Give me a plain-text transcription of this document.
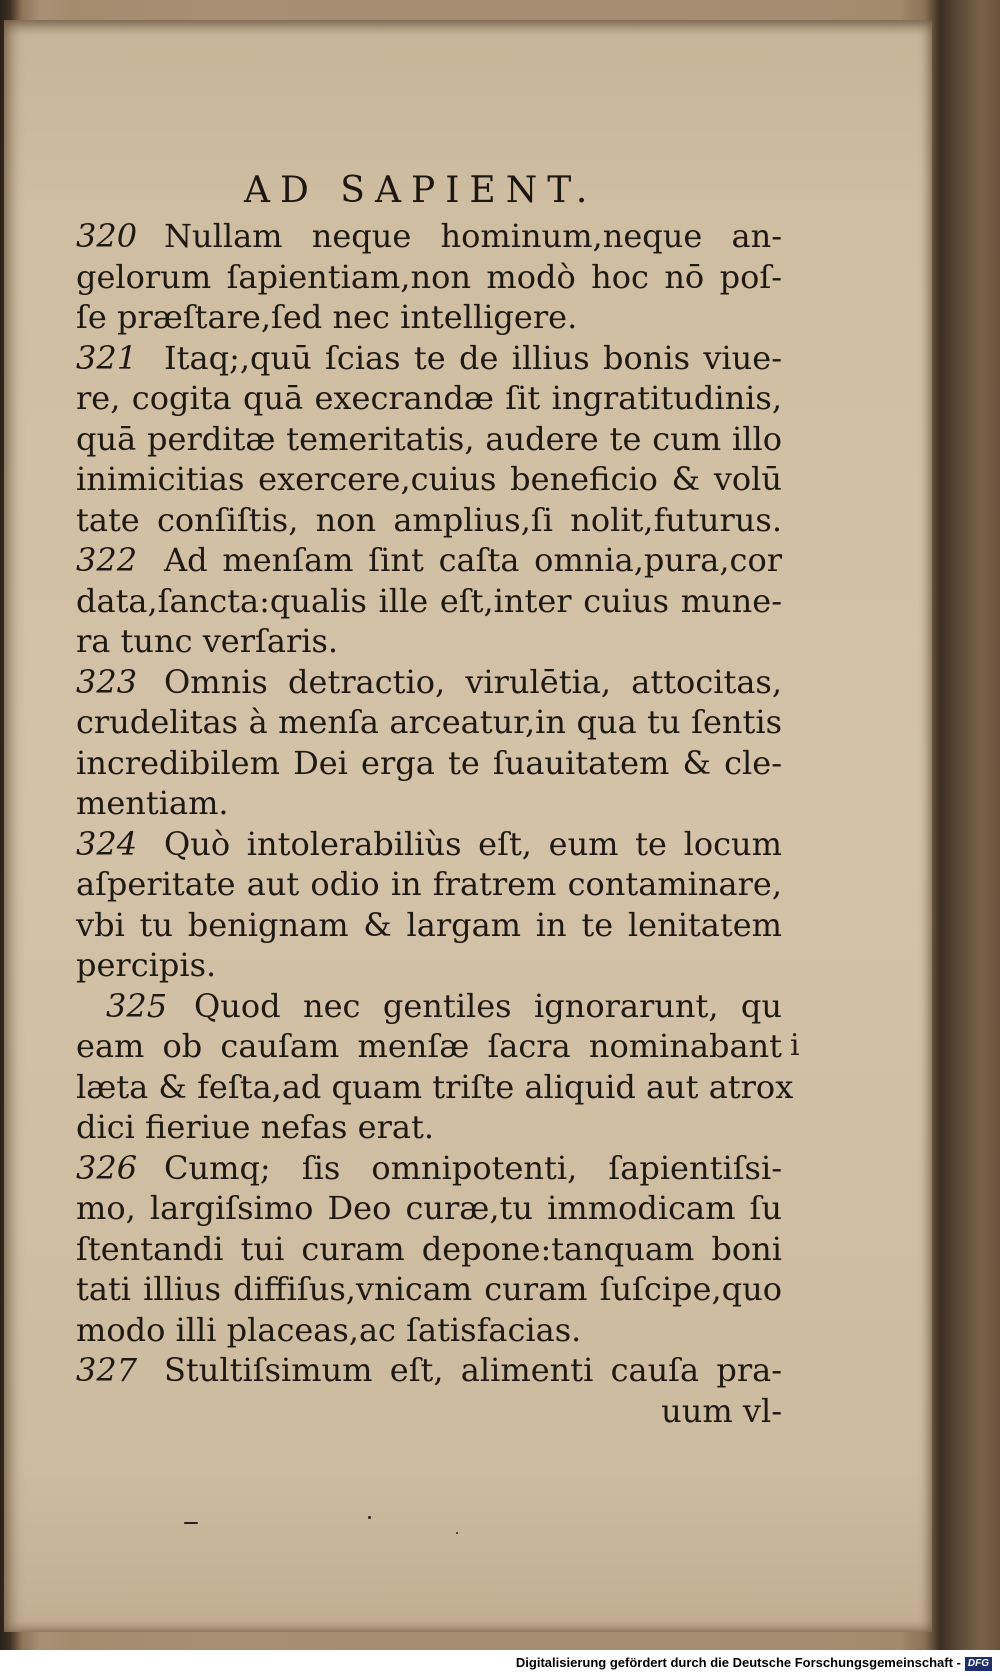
AD SAPIENT.
320 Nullam neque hominum,neque an-
gelorum ſapientiam,non modò hoc nō poſ-
ſe præſtare,ſed nec intelligere.
321 Itaq;,quū ſcias te de illius bonis viue-
re, cogita quā execrandæ ſit ingratitudinis,
quā perditæ temeritatis, audere te cum illo
inimicitias exercere,cuius beneficio & volū
tate conſiſtis, non amplius,ſi nolit,futurus.
322 Ad menſam ſint caſta omnia,pura,cor
data,ſancta:qualis ille eſt,inter cuius mune-
ra tunc verſaris.
323 Omnis detractio, virulētia, attocitas,
crudelitas à menſa arceatur,in qua tu ſentis
incredibilem Dei erga te ſuauitatem & cle-
mentiam.
324 Quò intolerabiliùs eſt, eum te locum
aſperitate aut odio in fratrem contaminare,
vbi tu benignam & largam in te lenitatem
percipis.
325 Quod nec gentiles ignorarunt, qu
eam ob cauſam menſæ ſacra nominabant
læta & feſta,ad quam triſte aliquid aut atrox
dici fieriue nefas erat.
326 Cumq; ſis omnipotenti, ſapientiſsi-
mo, largiſsimo Deo curæ,tu immodicam ſu
ſtentandi tui curam depone:tanquam boni
tati illius diffiſus,vnicam curam ſuſcipe,quo
modo illi placeas,ac ſatisfacias.
327 Stultiſsimum eſt, alimenti cauſa pra-
uum vl-
i
Digitalisierung gefördert durch die Deutsche Forschungsgemeinschaft - DFG
